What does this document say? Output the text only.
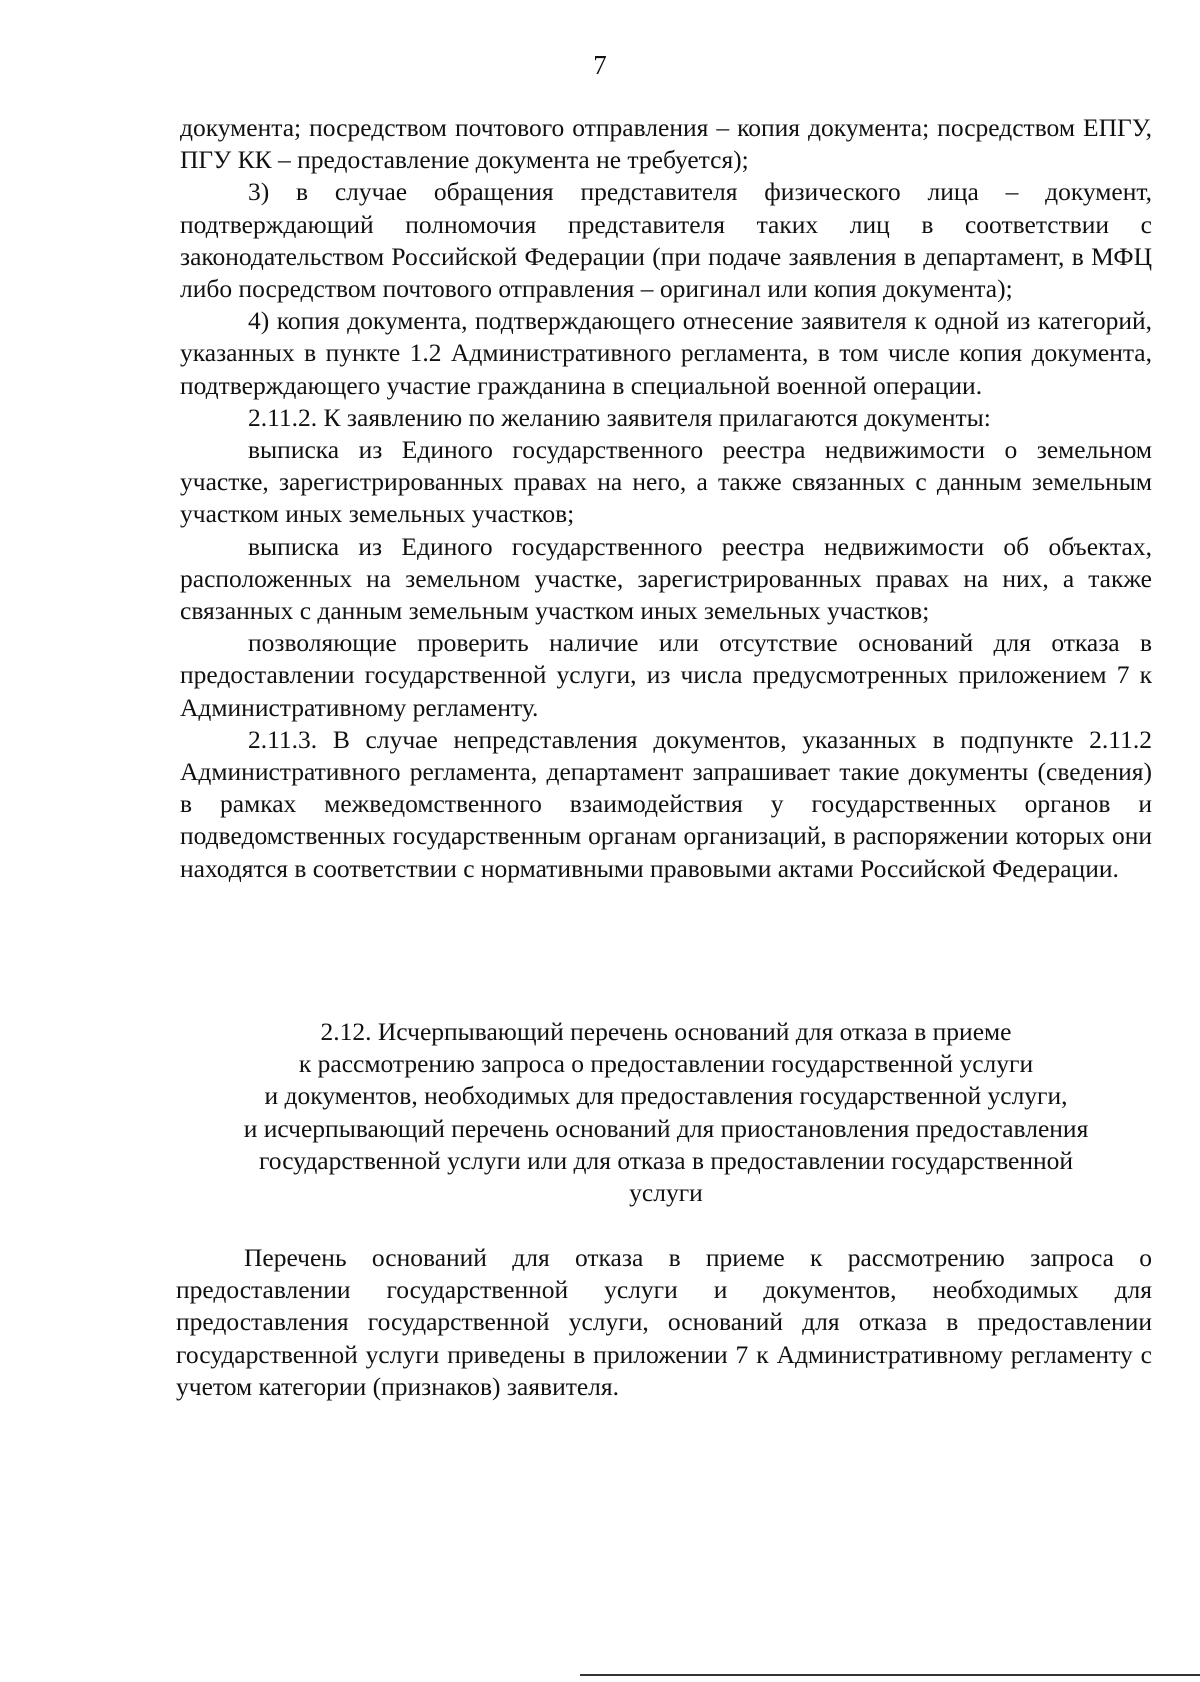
7

документа; посредством почтового отправления – копия документа; посредством ЕПГУ, ПГУ КК – предоставление документа не требуется);

3) в случае обращения представителя физического лица – документ, подтверждающий полномочия представителя таких лиц в соответствии с законодательством Российской Федерации (при подаче заявления в департамент, в МФЦ либо посредством почтового отправления – оригинал или копия документа);

4) копия документа, подтверждающего отнесение заявителя к одной из категорий, указанных в пункте 1.2 Административного регламента, в том числе копия документа, подтверждающего участие гражданина в специальной военной операции.

2.11.2. К заявлению по желанию заявителя прилагаются документы:

выписка из Единого государственного реестра недвижимости о земельном участке, зарегистрированных правах на него, а также связанных с данным земельным участком иных земельных участков;

выписка из Единого государственного реестра недвижимости об объектах, расположенных на земельном участке, зарегистрированных правах на них, а также связанных с данным земельным участком иных земельных участков;

позволяющие проверить наличие или отсутствие оснований для отказа в предоставлении государственной услуги, из числа предусмотренных приложением 7 к Административному регламенту.

2.11.3. В случае непредставления документов, указанных в подпункте 2.11.2 Административного регламента, департамент запрашивает такие документы (сведения) в рамках межведомственного взаимодействия у государственных органов и подведомственных государственным органам организаций, в распоряжении которых они находятся в соответствии с нормативными правовыми актами Российской Федерации.

2.12. Исчерпывающий перечень оснований для отказа в приеме
к рассмотрению запроса о предоставлении государственной услуги
и документов, необходимых для предоставления государственной услуги,
и исчерпывающий перечень оснований для приостановления предоставления
государственной услуги или для отказа в предоставлении государственной
услуги

Перечень оснований для отказа в приеме к рассмотрению запроса о предоставлении государственной услуги и документов, необходимых для предоставления государственной услуги, оснований для отказа в предоставлении государственной услуги приведены в приложении 7 к Административному регламенту с учетом категории (признаков) заявителя.
